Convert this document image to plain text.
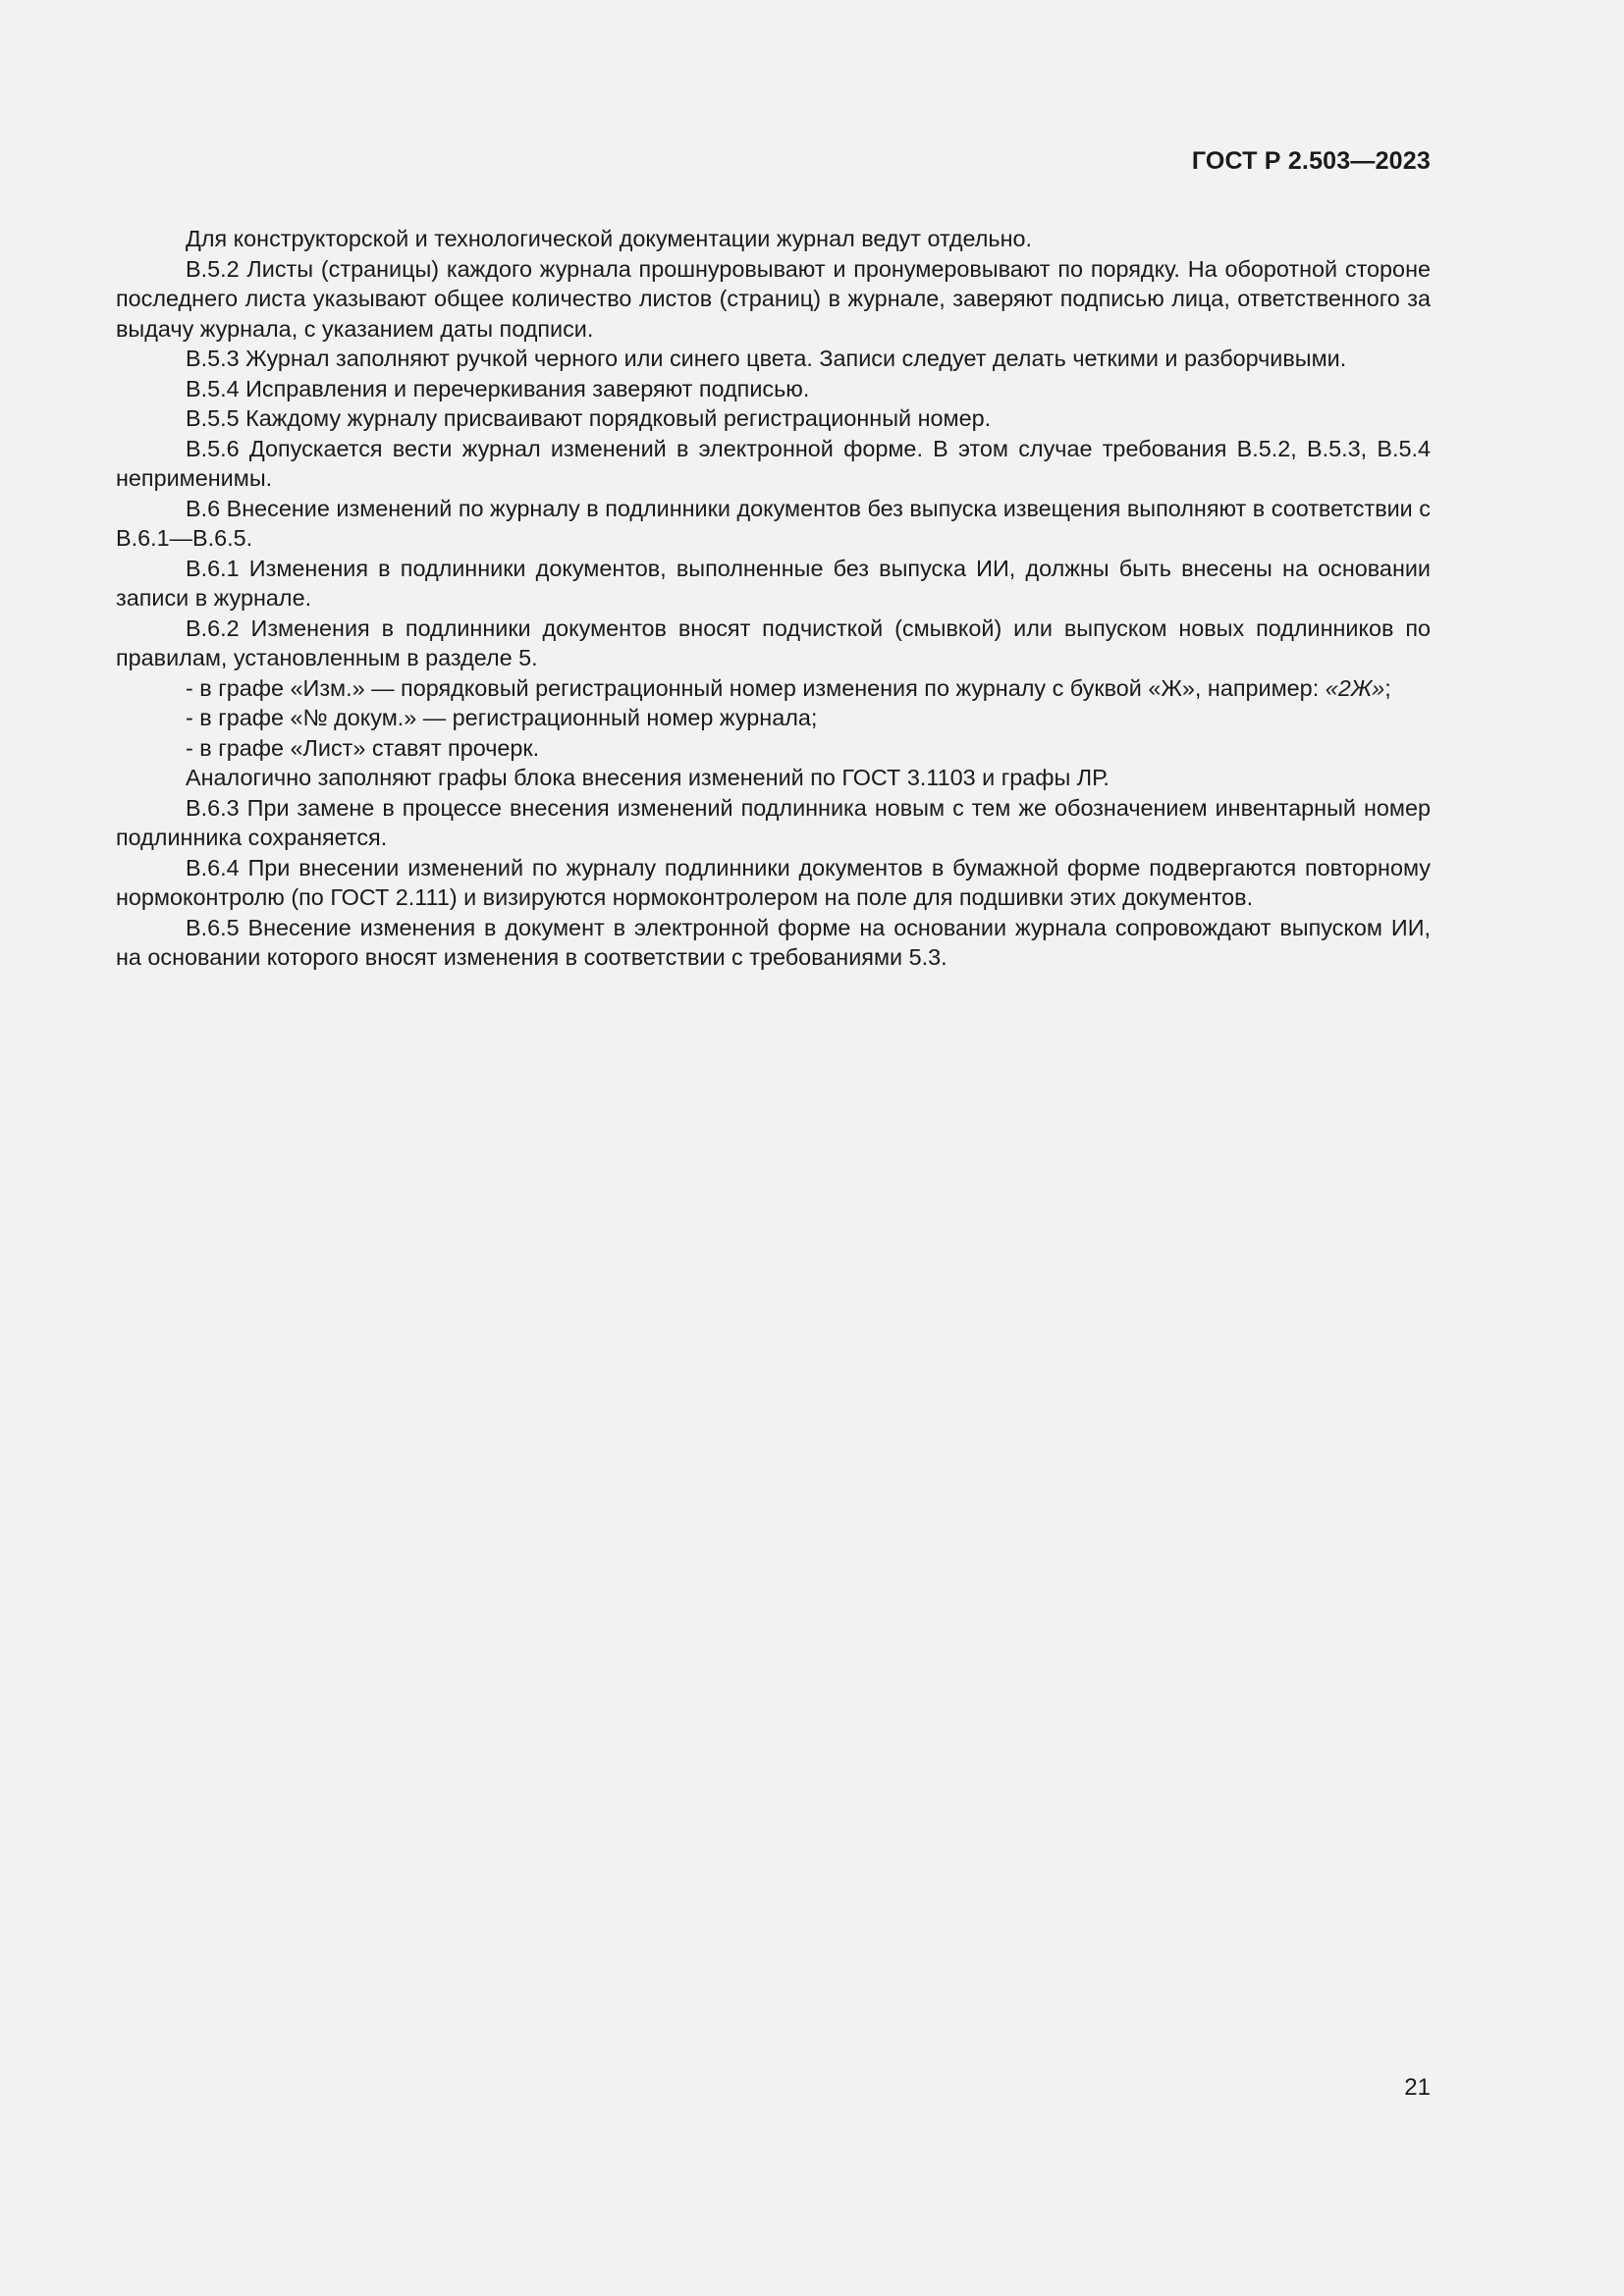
ГОСТ Р 2.503—2023

Для конструкторской и технологической документации журнал ведут отдельно.

В.5.2 Листы (страницы) каждого журнала прошнуровывают и пронумеровывают по порядку. На оборотной стороне последнего листа указывают общее количество листов (страниц) в журнале, заверяют подписью лица, ответственного за выдачу журнала, с указанием даты подписи.

В.5.3 Журнал заполняют ручкой черного или синего цвета. Записи следует делать четкими и разборчивыми.

В.5.4 Исправления и перечеркивания заверяют подписью.

В.5.5 Каждому журналу присваивают порядковый регистрационный номер.

В.5.6 Допускается вести журнал изменений в электронной форме. В этом случае требования В.5.2, В.5.3, В.5.4 неприменимы.

В.6 Внесение изменений по журналу в подлинники документов без выпуска извещения выполняют в соответствии с В.6.1—В.6.5.

В.6.1 Изменения в подлинники документов, выполненные без выпуска ИИ, должны быть внесены на основании записи в журнале.

В.6.2 Изменения в подлинники документов вносят подчисткой (смывкой) или выпуском новых подлинников по правилам, установленным в разделе 5.

- в графе «Изм.» — порядковый регистрационный номер изменения по журналу с буквой «Ж», например: «2Ж»;

- в графе «№ докум.» — регистрационный номер журнала;

- в графе «Лист» ставят прочерк.

Аналогично заполняют графы блока внесения изменений по ГОСТ 3.1103 и графы ЛР.

В.6.3 При замене в процессе внесения изменений подлинника новым с тем же обозначением инвентарный номер подлинника сохраняется.

В.6.4 При внесении изменений по журналу подлинники документов в бумажной форме подвергаются повторному нормоконтролю (по ГОСТ 2.111) и визируются нормоконтролером на поле для подшивки этих документов.

В.6.5 Внесение изменения в документ в электронной форме на основании журнала сопровождают выпуском ИИ, на основании которого вносят изменения в соответствии с требованиями 5.3.

21
